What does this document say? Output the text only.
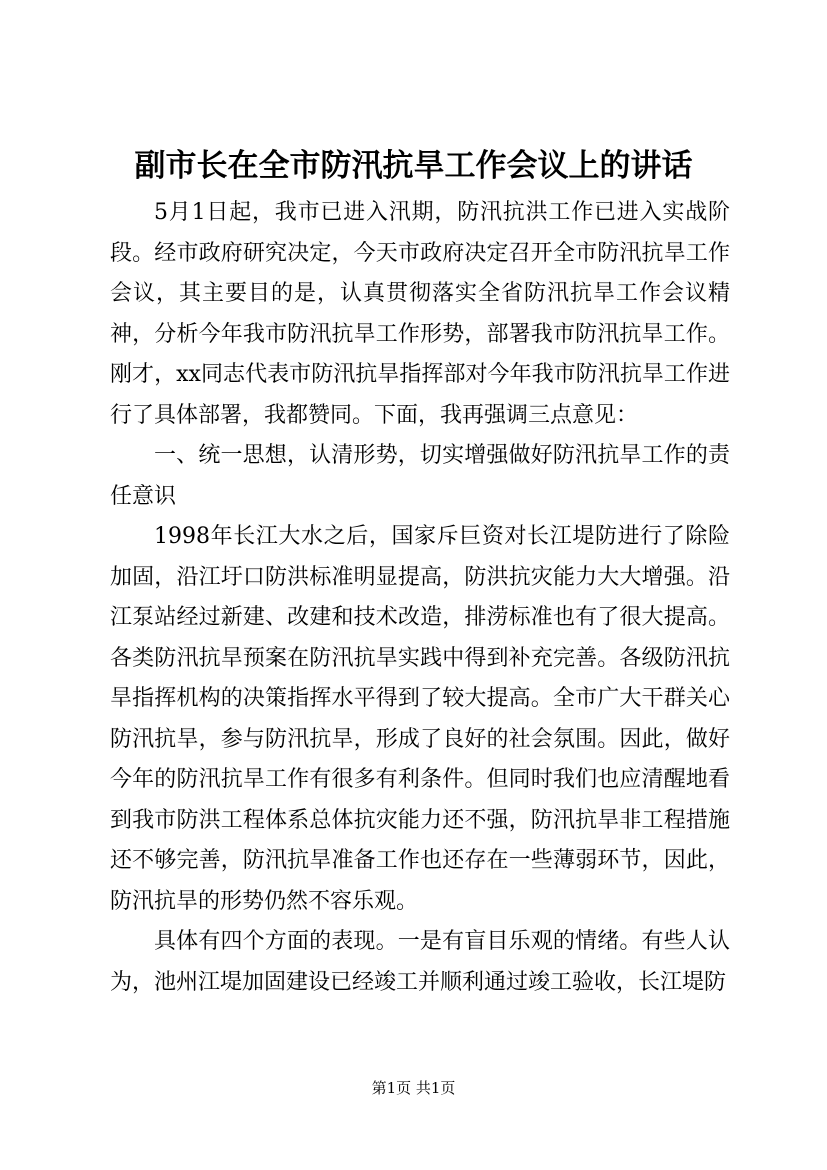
副市长在全市防汛抗旱工作会议上的讲话

5月1日起，我市已进入汛期，防汛抗洪工作已进入实战阶段。经市政府研究决定，今天市政府决定召开全市防汛抗旱工作会议，其主要目的是，认真贯彻落实全省防汛抗旱工作会议精神，分析今年我市防汛抗旱工作形势，部署我市防汛抗旱工作。刚才，xx同志代表市防汛抗旱指挥部对今年我市防汛抗旱工作进行了具体部署，我都赞同。下面，我再强调三点意见：

一、统一思想，认清形势，切实增强做好防汛抗旱工作的责任意识

1998年长江大水之后，国家斥巨资对长江堤防进行了除险加固，沿江圩口防洪标准明显提高，防洪抗灾能力大大增强。沿江泵站经过新建、改建和技术改造，排涝标准也有了很大提高。各类防汛抗旱预案在防汛抗旱实践中得到补充完善。各级防汛抗旱指挥机构的决策指挥水平得到了较大提高。全市广大干群关心防汛抗旱，参与防汛抗旱，形成了良好的社会氛围。因此，做好今年的防汛抗旱工作有很多有利条件。但同时我们也应清醒地看到我市防洪工程体系总体抗灾能力还不强，防汛抗旱非工程措施还不够完善，防汛抗旱准备工作也还存在一些薄弱环节，因此，防汛抗旱的形势仍然不容乐观。

具体有四个方面的表现。一是有盲目乐观的情绪。有些人认为，池州江堤加固建设已经竣工并顺利通过竣工验收，长江堤防

第1页 共1页
